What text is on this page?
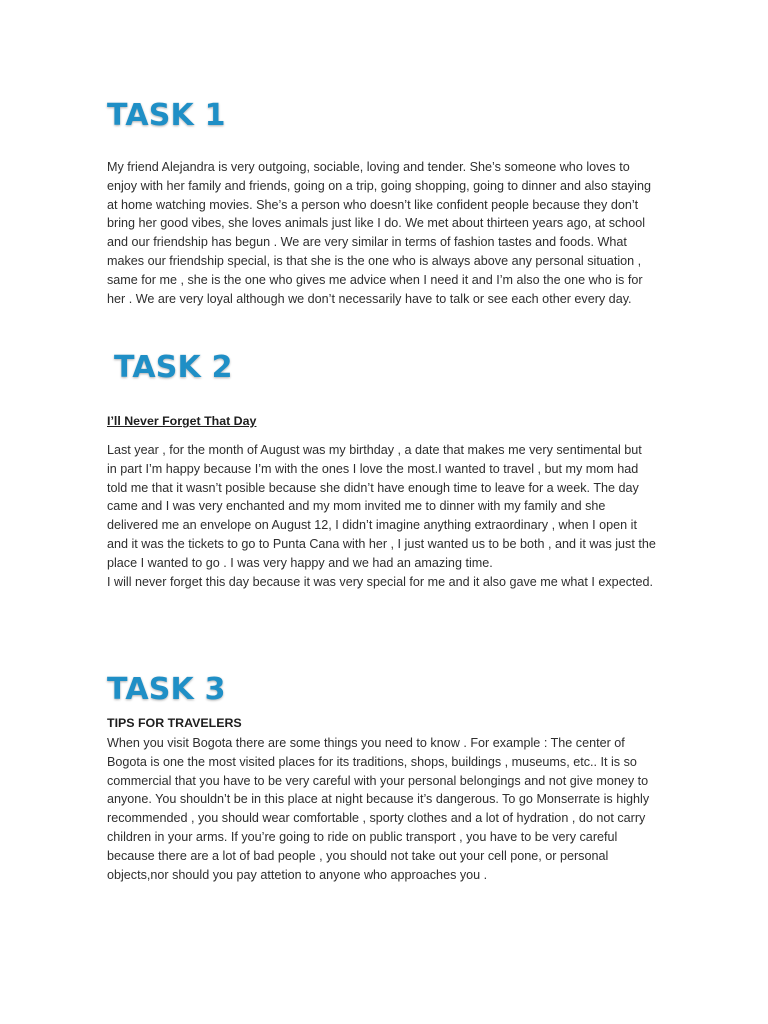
TASK 1
My friend Alejandra is very outgoing, sociable, loving and tender. She’s someone who loves to
enjoy with her family and friends, going on a trip, going shopping, going to dinner and also staying
at home watching movies. She’s a person who doesn’t like confident people because they don’t
bring her good vibes, she loves animals just like I do. We met about thirteen years ago, at school
and our friendship has begun . We are very similar in terms of fashion tastes and foods. What
makes our friendship special, is that she is the one who is always above any personal situation ,
same for me , she is the one who gives me advice when I need it and I’m also the one who is for
her . We are very loyal although we don’t necessarily have to talk or see each other every day.
TASK 2
I’ll Never Forget That Day
Last year , for the month of August was my birthday , a date that makes me very sentimental but
in part I’m happy because I’m with the ones I love the most.I wanted to travel , but my mom had
told me that it wasn’t posible because she didn’t have enough time to leave for a week. The day
came and I was very enchanted and my mom invited me to dinner with my family and she
delivered me an envelope on August 12, I didn’t imagine anything extraordinary , when I open it
and it was the tickets to go to Punta Cana with her , I just wanted us to be both , and it was just the
place I wanted to go . I was very happy and we had an amazing time.
I will never forget this day because it was very special for me and it also gave me what I expected.
TASK 3
TIPS FOR TRAVELERS
When you visit Bogota there are some things you need to know . For example : The center of
Bogota is one the most visited places for its traditions, shops, buildings , museums, etc.. It is so
commercial that you have to be very careful with your personal belongings and not give money to
anyone. You shouldn’t be in this place at night because it’s dangerous. To go Monserrate is highly
recommended , you should wear comfortable , sporty clothes and a lot of hydration , do not carry
children in your arms. If you’re going to ride on public transport , you have to be very careful
because there are a lot of bad people , you should not take out your cell pone, or personal
objects,nor should you pay attetion to anyone who approaches you .
